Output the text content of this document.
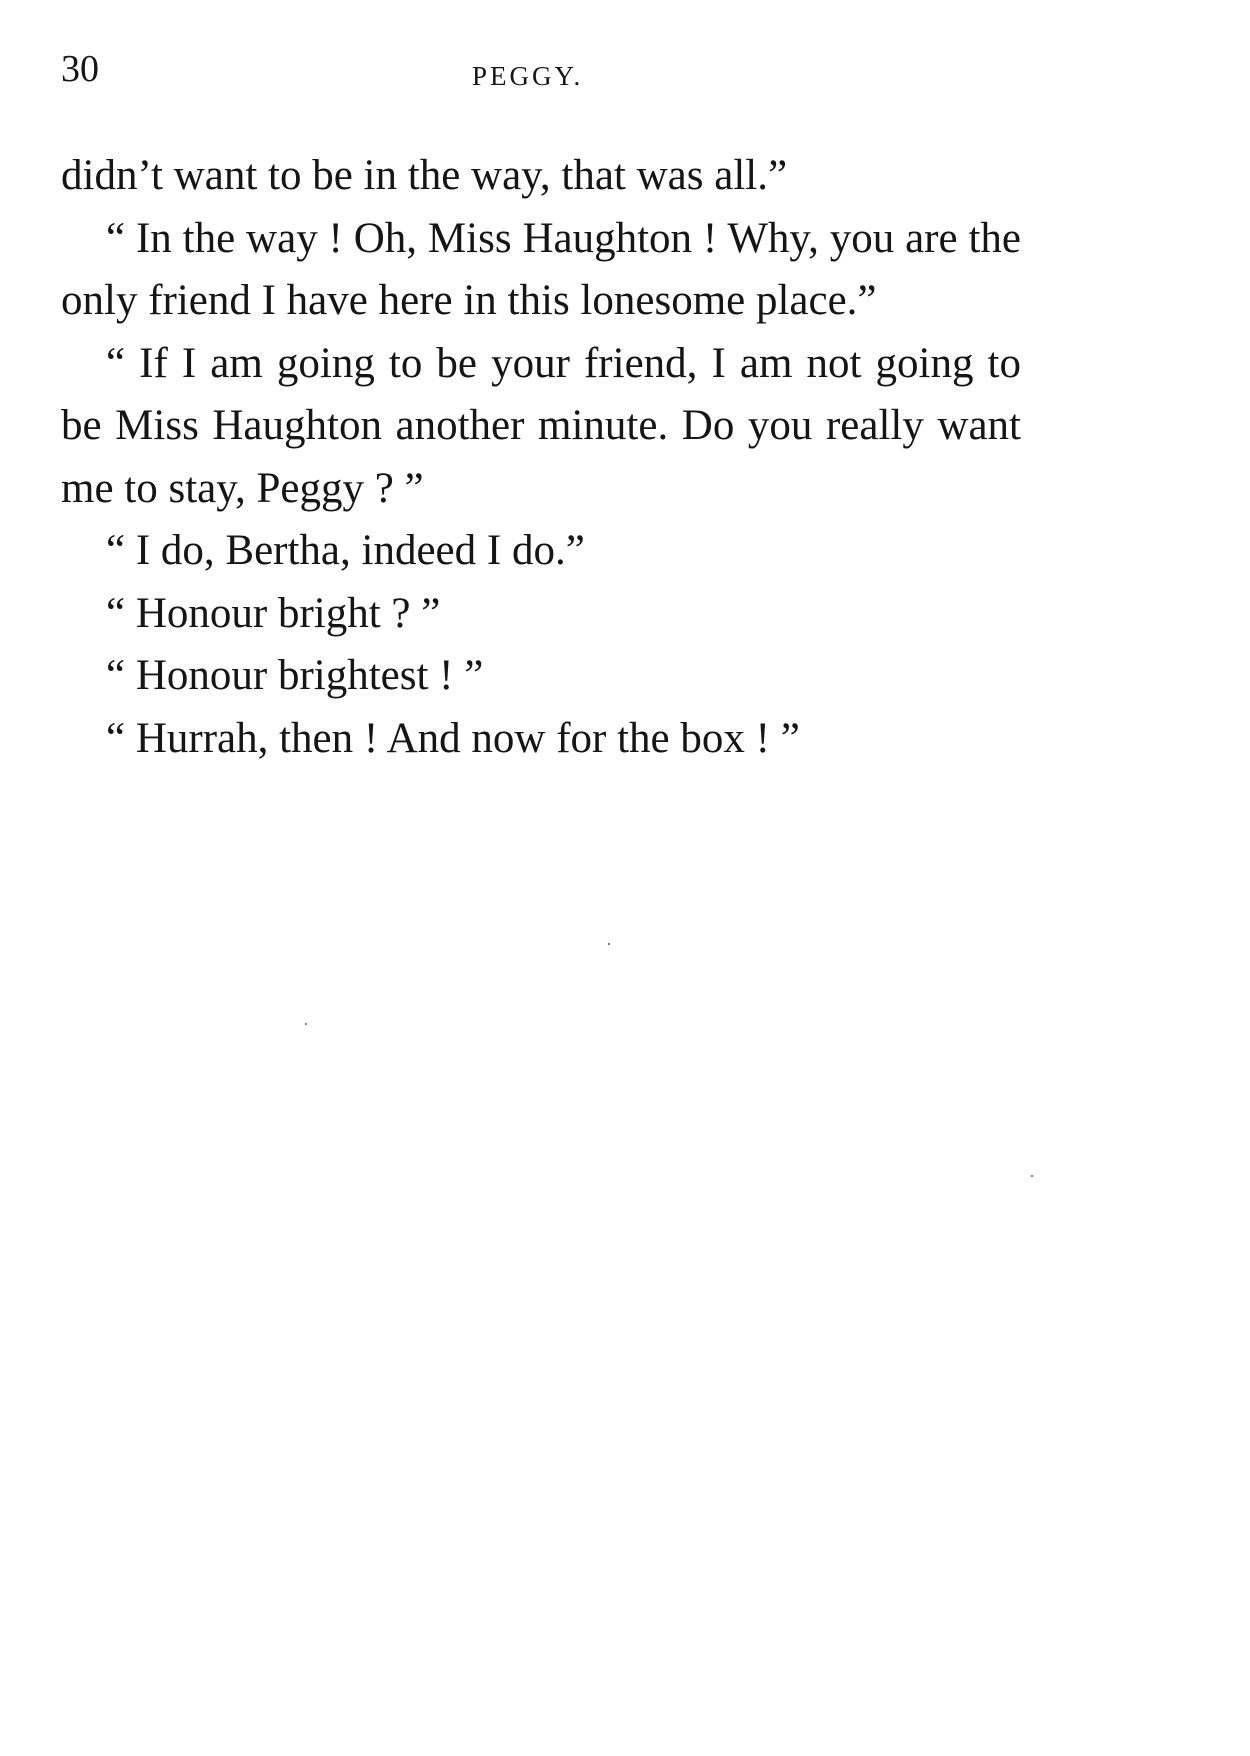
30	PEGGY.

didn’t want to be in the way, that was all.”

“ In the way ! Oh, Miss Haughton ! Why, you are the only friend I have here in this lonesome place.”

“ If I am going to be your friend, I am not going to be Miss Haughton another minute. Do you really want me to stay, Peggy ? ”

“ I do, Bertha, indeed I do.”

“ Honour bright ? ”

“ Honour brightest ! ”

“ Hurrah, then ! And now for the box ! ”
